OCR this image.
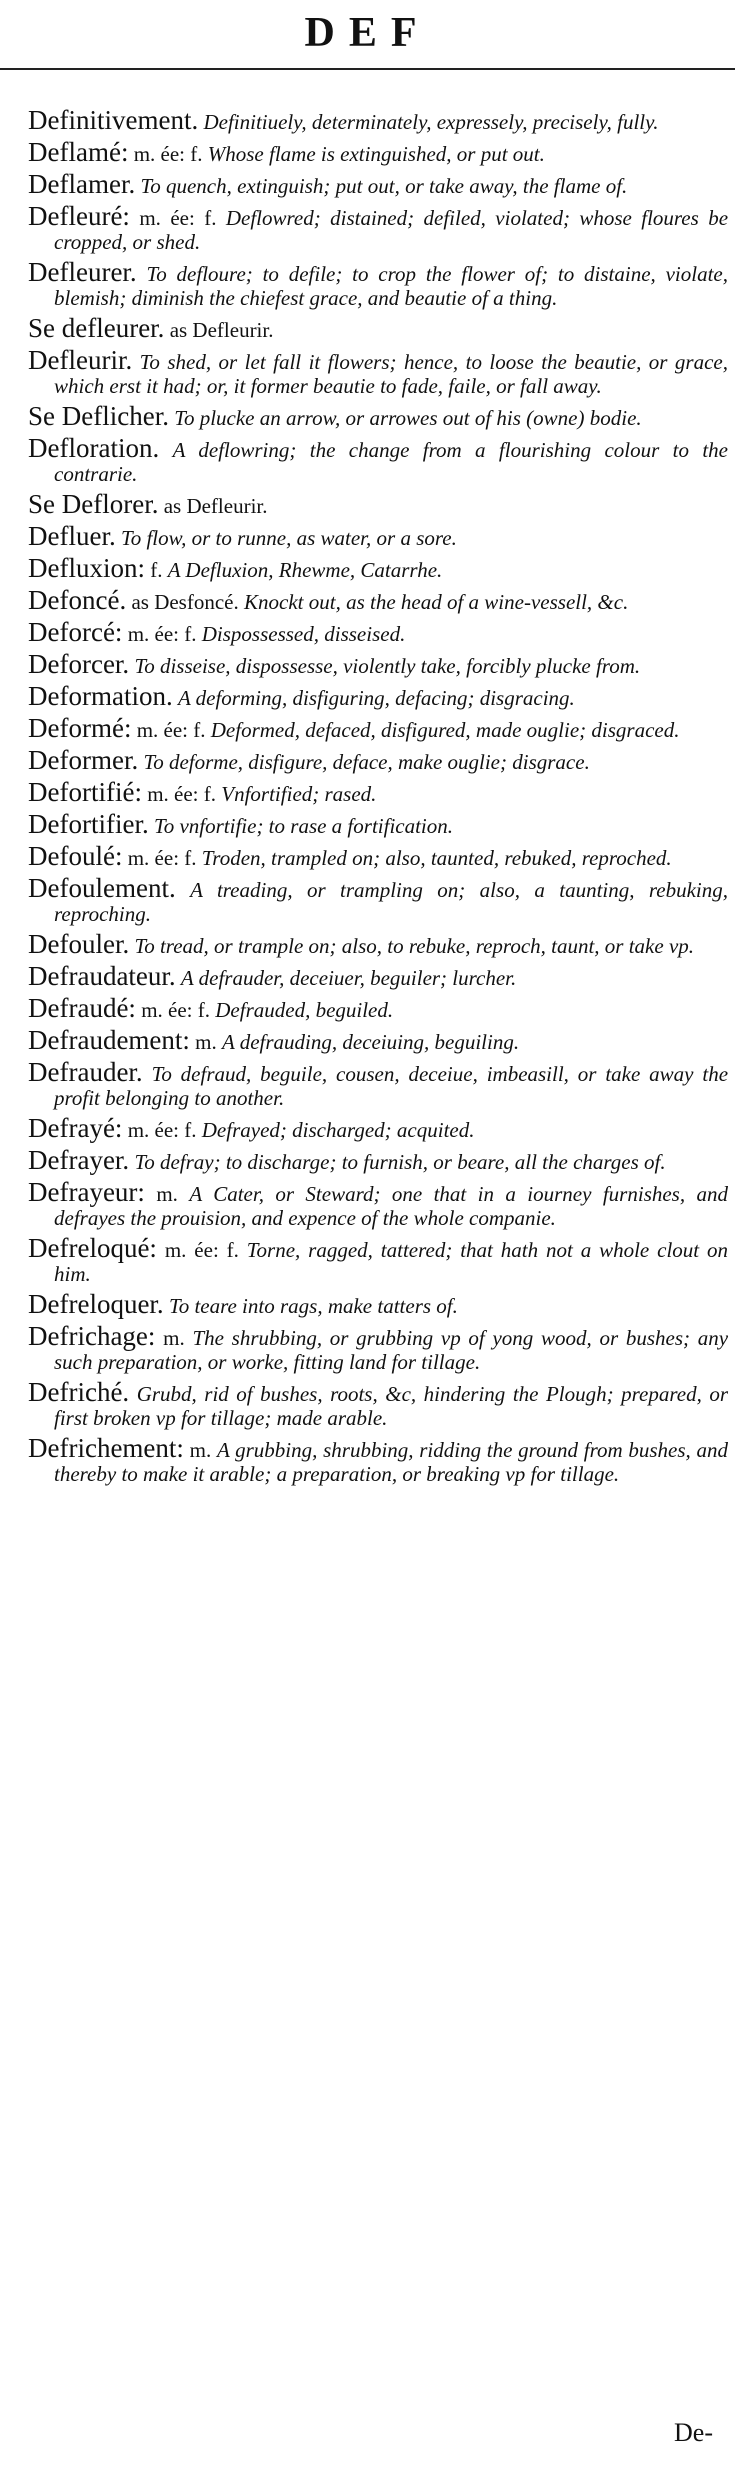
DEF
Definitivement. Definitiuely, determinately, expressely, precisely, fully.
Deflamé: m. ée: f. Whose flame is extinguished, or put out.
Deflamer. To quench, extinguish; put out, or take away, the flame of.
Defleuré: m. ée: f. Deflowred; distained; defiled, violated; whose floures be cropped, or shed.
Defleurer. To defloure; to defile; to crop the flower of; to distaine, violate, blemish; diminish the chiefest grace, and beautie of a thing.
Se defleurer. as Defleurir.
Defleurir. To shed, or let fall it flowers; hence, to loose the beautie, or grace, which erst it had; or, it former beautie to fade, faile, or fall away.
Se Deflicher. To plucke an arrow, or arrowes out of his (owne) bodie.
Defloration. A deflowring; the change from a flourishing colour to the contrarie.
Se Deflorer. as Defleurir.
Defluer. To flow, or to runne, as water, or a sore.
Defluxion: f. A Defluxion, Rhewme, Catarrhe.
Defoncé. as Desfoncé. Knockt out, as the head of a wine-vessell, &c.
Deforcé: m. ée: f. Dispossessed, disseised.
Deforcer. To disseise, dispossesse, violently take, forcibly plucke from.
Deformation. A deforming, disfiguring, defacing; disgracing.
Deformé: m. ée: f. Deformed, defaced, disfigured, made ouglie; disgraced.
Deformer. To deforme, disfigure, deface, make ouglie; disgrace.
Defortifié: m. ée: f. Vnfortified; rased.
Defortifier. To vnfortifie; to rase a fortification.
Defoulé: m. ée: f. Troden, trampled on; also, taunted, rebuked, reproched.
Defoulement. A treading, or trampling on; also, a taunting, rebuking, reproching.
Defouler. To tread, or trample on; also, to rebuke, reproch, taunt, or take vp.
Defraudateur. A defrauder, deceiuer, beguiler; lurcher.
Defraudé: m. ée: f. Defrauded, beguiled.
Defraudement: m. A defrauding, deceiuing, beguiling.
Defrauder. To defraud, beguile, cousen, deceiue, imbeasill, or take away the profit belonging to another.
Defrayé: m. ée: f. Defrayed; discharged; acquited.
Defrayer. To defray; to discharge; to furnish, or beare, all the charges of.
Defrayeur: m. A Cater, or Steward; one that in a iourney furnishes, and defrayes the prouision, and expence of the whole companie.
Defreloqué: m. ée: f. Torne, ragged, tattered; that hath not a whole clout on him.
Defreloquer. To teare into rags, make tatters of.
Defrichage: m. The shrubbing, or grubbing vp of yong wood, or bushes; any such preparation, or worke, fitting land for tillage.
Defriché. Grubd, rid of bushes, roots, &c, hindering the Plough; prepared, or first broken vp for tillage; made arable.
Defrichement: m. A grubbing, shrubbing, ridding the ground from bushes, and thereby to make it arable; a preparation, or breaking vp for tillage.
De-
